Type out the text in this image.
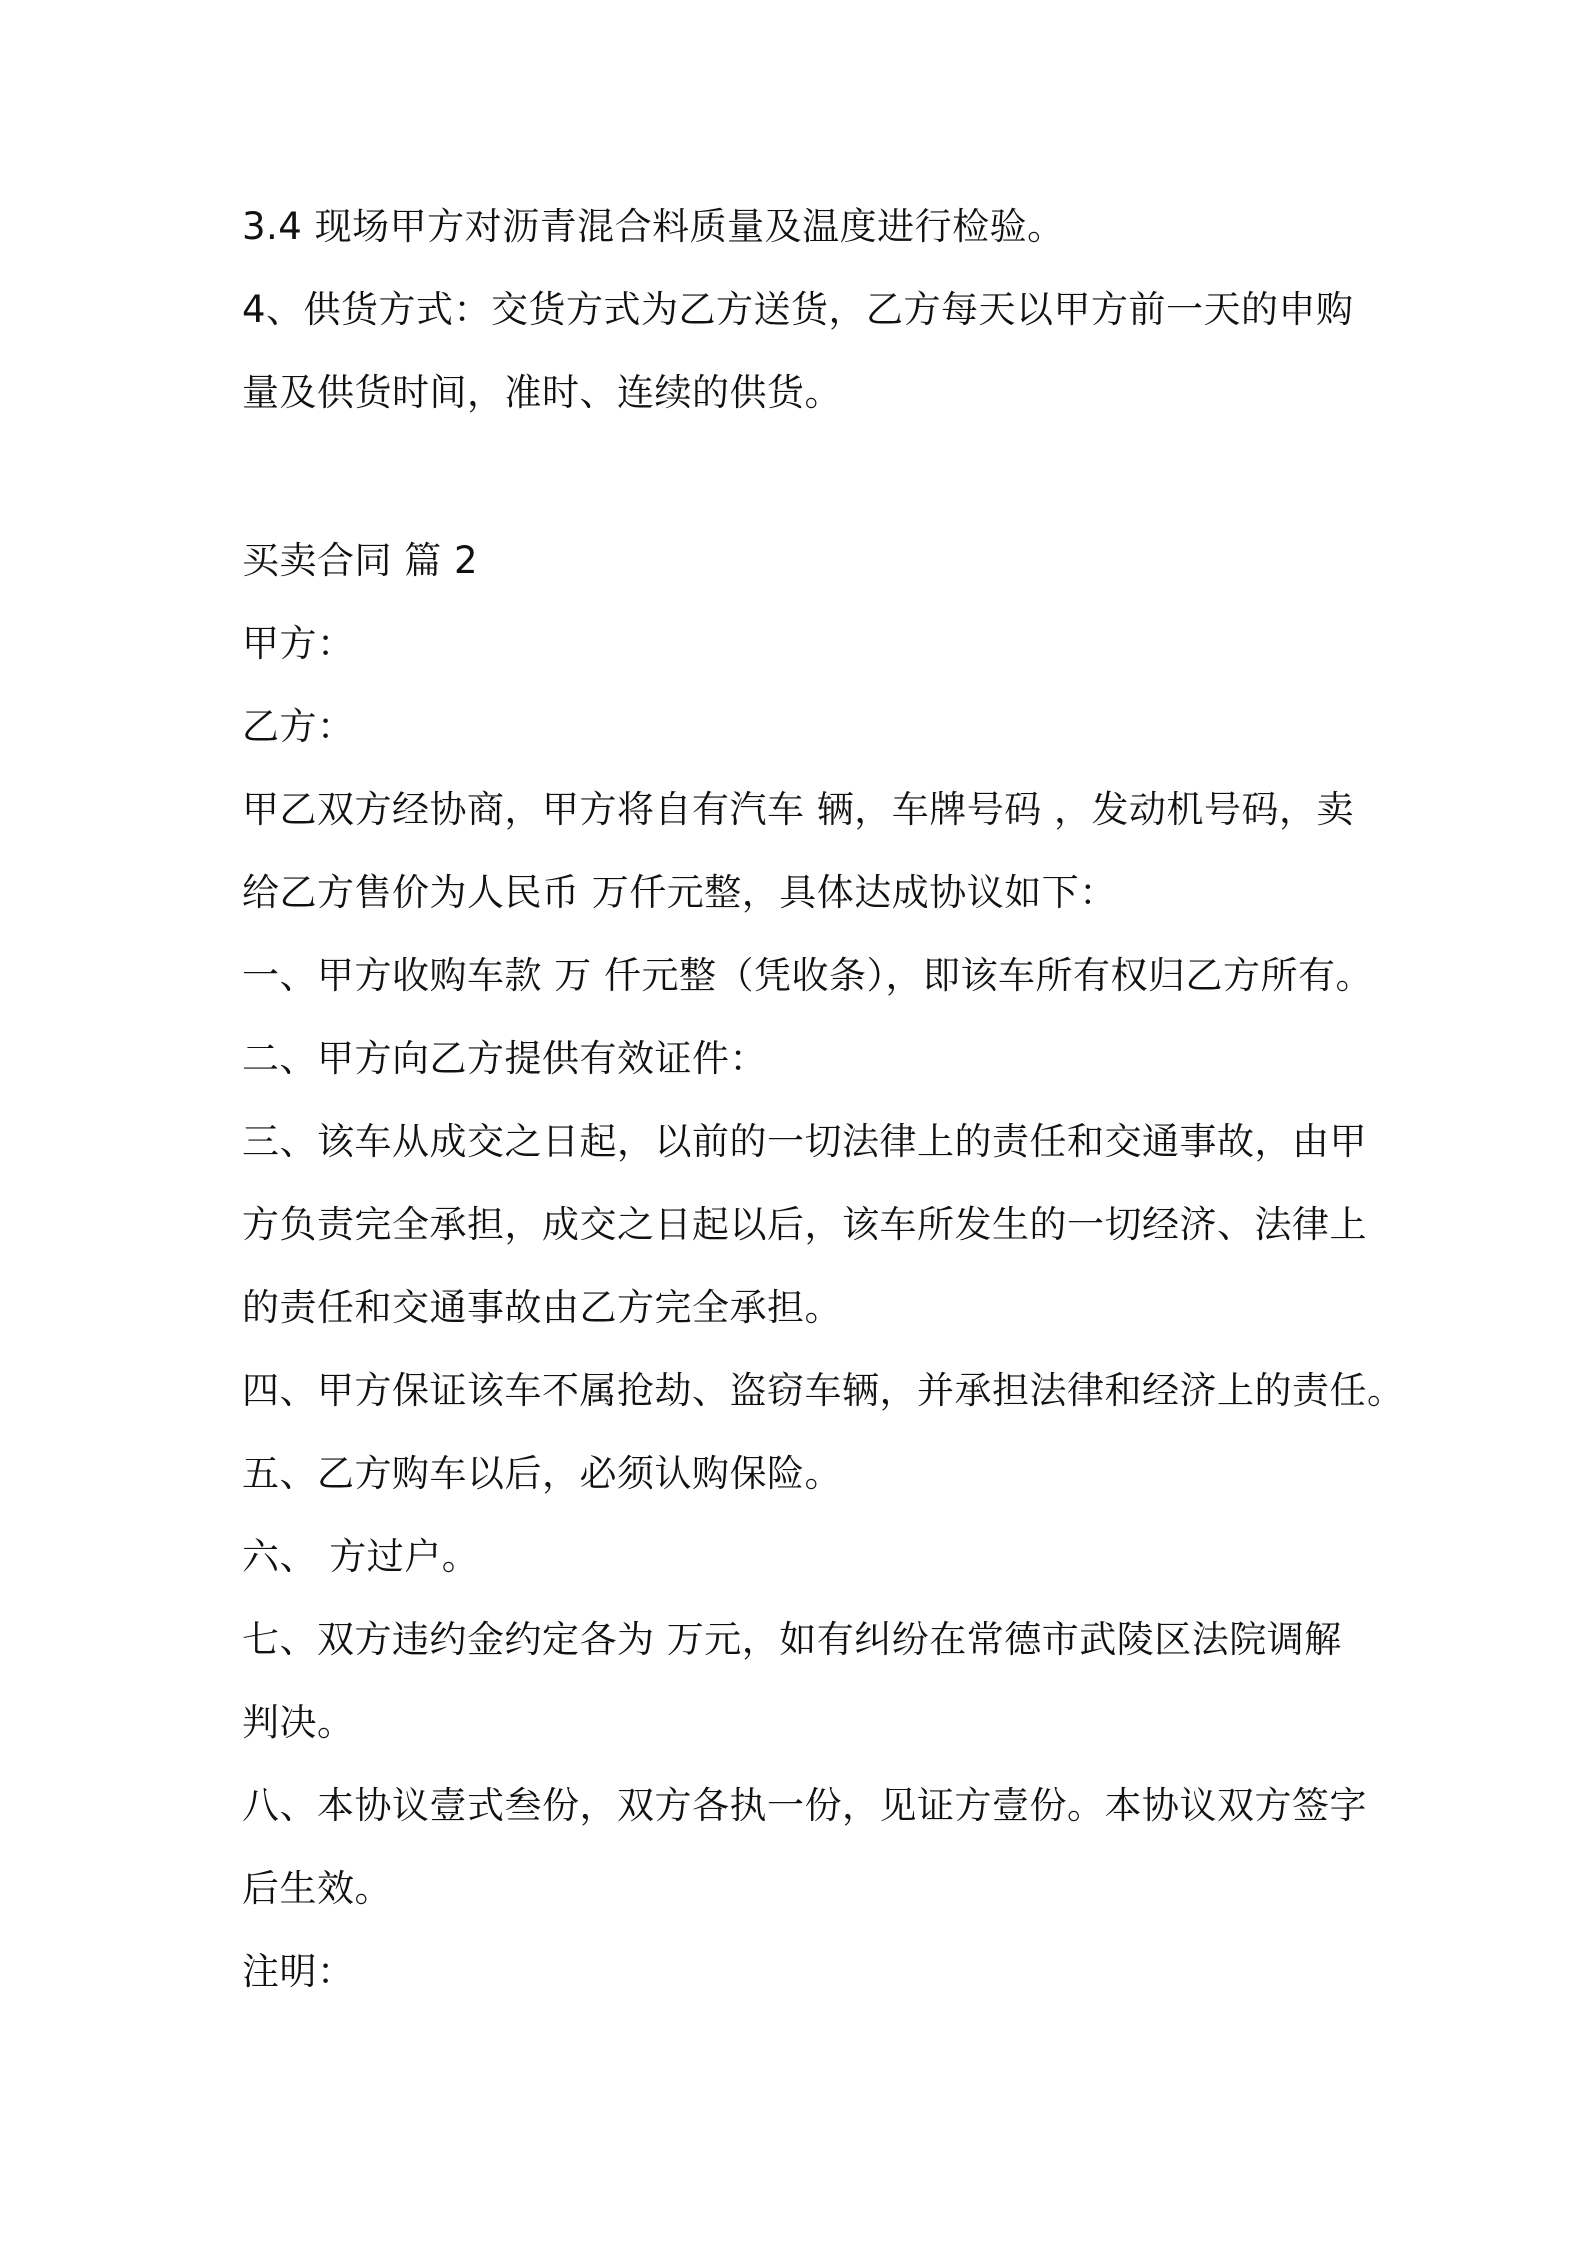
3.4 现场甲方对沥青混合料质量及温度进行检验。
4、供货方式：交货方式为乙方送货，乙方每天以甲方前一天的申购
量及供货时间，准时、连续的供货。
买卖合同 篇 2
甲方：
乙方：
甲乙双方经协商，甲方将自有汽车 辆，车牌号码 ，发动机号码，卖
给乙方售价为人民币 万仟元整，具体达成协议如下：
一、甲方收购车款 万 仟元整（凭收条），即该车所有权归乙方所有。
二、甲方向乙方提供有效证件：
三、该车从成交之日起，以前的一切法律上的责任和交通事故，由甲
方负责完全承担，成交之日起以后，该车所发生的一切经济、法律上
的责任和交通事故由乙方完全承担。
四、甲方保证该车不属抢劫、盗窃车辆，并承担法律和经济上的责任。
五、乙方购车以后，必须认购保险。
六、 方过户。
七、双方违约金约定各为 万元，如有纠纷在常德市武陵区法院调解
判决。
八、本协议壹式叁份，双方各执一份，见证方壹份。本协议双方签字
后生效。
注明：
